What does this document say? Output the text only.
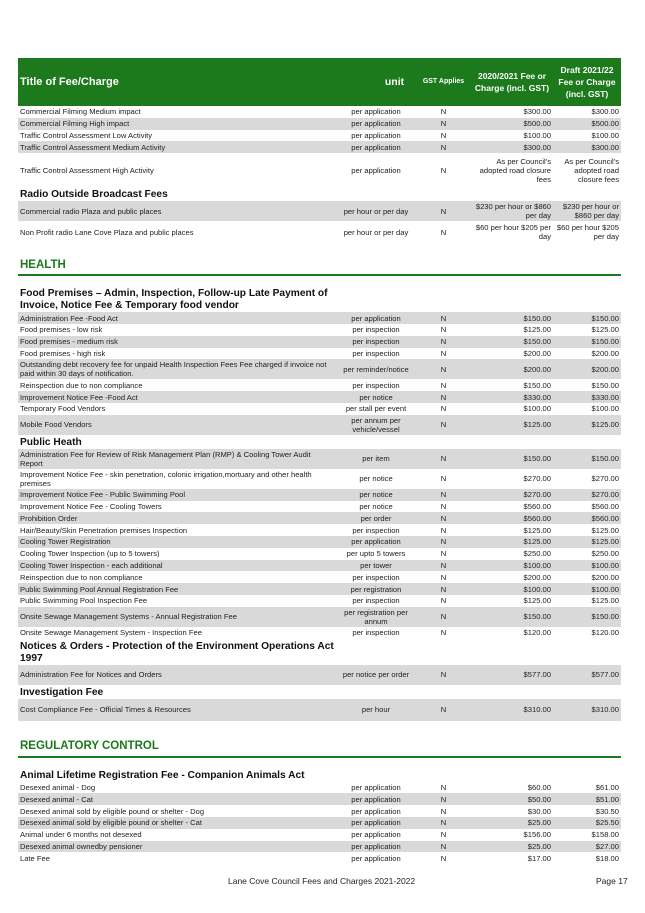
Title of Fee/Charge	unit	GST Applies	2020/2021 Fee or Charge (incl. GST)	Draft 2021/22 Fee or Charge (incl. GST)
Commercial Filming Medium impact	per application	N	$300.00	$300.00
Commercial Filming High impact	per application	N	$500.00	$500.00
Traffic Control Assessment Low Activity	per application	N	$100.00	$100.00
Traffic Control Assessment Medium Activity	per application	N	$300.00	$300.00
Traffic Control Assessment High Activity	per application	N	As per Council's adopted road closure fees	As per Council's adopted road closure fees
Radio Outside Broadcast Fees				
Commercial radio Plaza and public places	per hour or per day	N	$230 per hour or $860 per day	$230 per hour or $860 per day
Non Profit radio Lane Cove Plaza and public places	per hour or per day	N	$60 per hour $205 per day	$60 per hour $205 per day

HEALTH				

Food Premises – Admin, Inspection, Follow-up Late Payment of Invoice, Notice Fee & Temporary food vendor				

Administration Fee -Food Act	per application	N	$150.00	$150.00
Food premises - low risk	per inspection	N	$125.00	$125.00
Food premises - medium risk	per inspection	N	$150.00	$150.00
Food premises - high risk	per inspection	N	$200.00	$200.00
Outstanding debt recovery fee for unpaid Health Inspection Fees Fee charged if invoice not paid within 30 days of notification.	per reminder/notice	N	$200.00	$200.00
Reinspection due to non compliance	per inspection	N	$150.00	$150.00
Improvement Notice Fee -Food Act	per notice	N	$330.00	$330.00
Temporary Food Vendors	per stall per event	N	$100.00	$100.00
Mobile Food Vendors	per annum per vehicle/vessel	N	$125.00	$125.00
Public Heath				
Administration Fee for Review of Risk Management Plan (RMP) & Cooling Tower Audit Report	per item	N	$150.00	$150.00
Improvement Notice Fee - skin penetration, colonic irrigation,mortuary and other health premises	per notice	N	$270.00	$270.00
Improvement Notice Fee - Public Swimming Pool	per notice	N	$270.00	$270.00
Improvement Notice Fee - Cooling Towers	per notice	N	$560.00	$560.00
Prohibition Order	per order	N	$560.00	$560.00
Hair/Beauty/Skin Penetration premises Inspection	per inspection	N	$125.00	$125.00
Cooling Tower Registration	per application	N	$125.00	$125.00
Cooling Tower Inspection (up to 5 towers)	per upto 5 towers	N	$250.00	$250.00
Cooling Tower Inspection - each additional	per tower	N	$100.00	$100.00
Reinspection due to non compliance	per inspection	N	$200.00	$200.00
Public Swimming Pool Annual Registration Fee	per registration	N	$100.00	$100.00
Public Swimming Pool Inspection Fee	per inspection	N	$125.00	$125.00
Onsite Sewage Management Systems - Annual Registration Fee	per registration per annum	N	$150.00	$150.00
Onsite Sewage Management System - Inspection Fee	per inspection	N	$120.00	$120.00

Notices & Orders - Protection of the Environment Operations Act 1997				

Administration Fee for Notices and Orders	per notice per order	N	$577.00	$577.00
Investigation Fee				
Cost Compliance Fee - Official Times & Resources	per hour	N	$310.00	$310.00

REGULATORY CONTROL				

Animal Lifetime Registration Fee - Companion Animals Act				
Desexed animal - Dog	per application	N	$60.00	$61.00
Desexed animal - Cat	per application	N	$50.00	$51.00
Desexed animal sold by eligible pound or shelter - Dog	per application	N	$30.00	$30.50
Desexed animal sold by eligible pound or shelter - Cat	per application	N	$25.00	$25.50
Animal under 6 months not desexed	per application	N	$156.00	$158.00
Desexed animal ownedby pensioner	per application	N	$25.00	$27.00
Late Fee	per application	N	$17.00	$18.00
Lane Cove Council Fees and Charges 2021-2022	Page 17
